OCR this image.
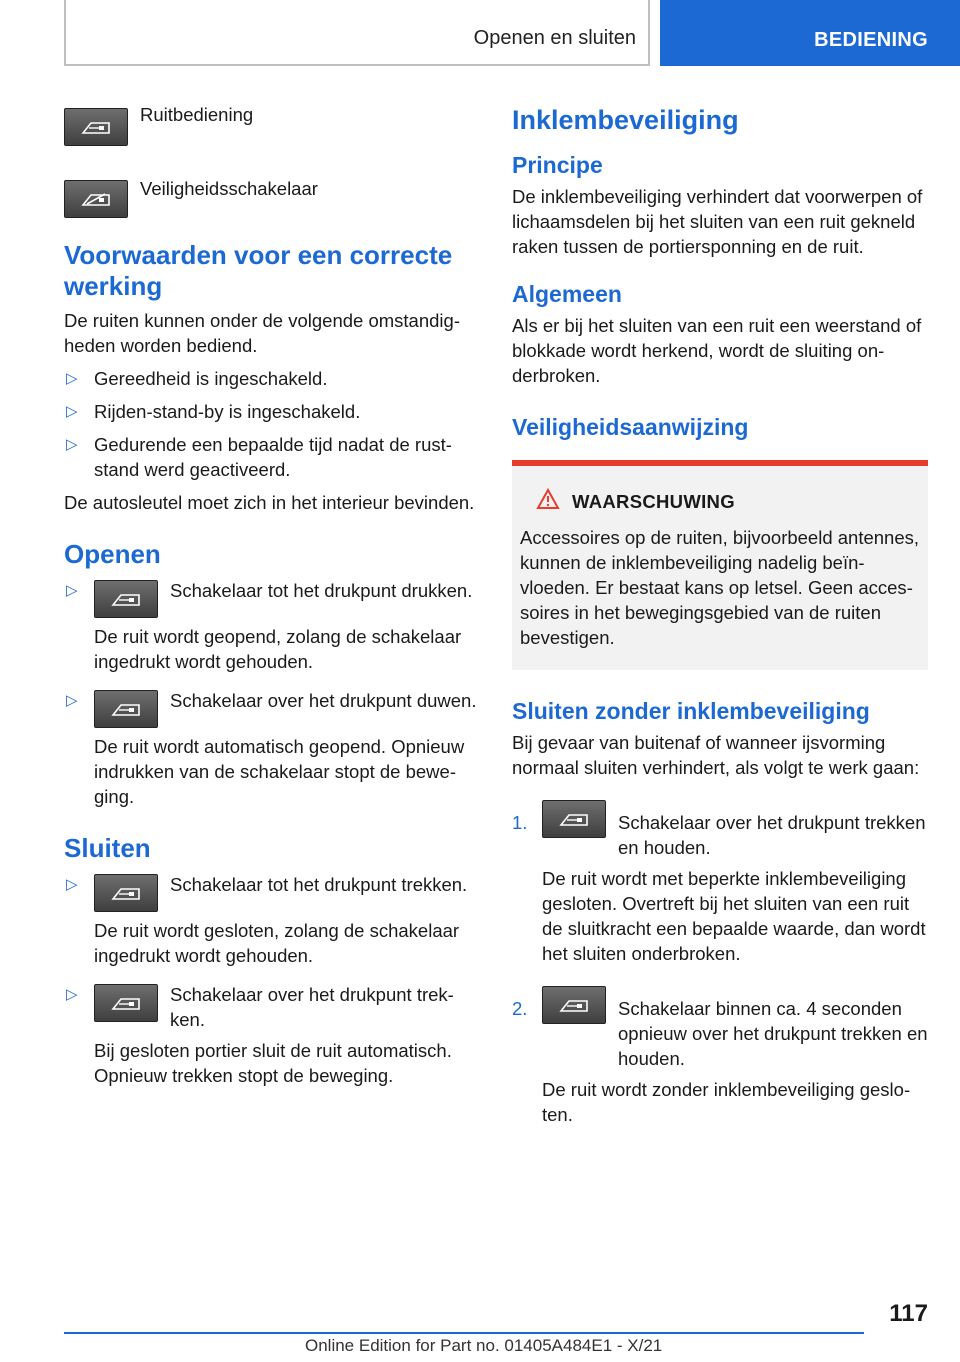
Openen en sluiten	BEDIENING
Ruitbediening
Veiligheidsschakelaar
Voorwaarden voor een correcte werking

De ruiten kunnen onder de volgende omstandigheden worden bediend.

▷ Gereedheid is ingeschakeld.
▷ Rijden-stand-by is ingeschakeld.
▷ Gedurende een bepaalde tijd nadat de ruststand werd geactiveerd.

De autosleutel moet zich in het interieur bevinden.

Openen
▷	Schakelaar tot het drukpunt drukken.

De ruit wordt geopend, zolang de schakelaar ingedrukt wordt gehouden.

▷	Schakelaar over het drukpunt duwen.

De ruit wordt automatisch geopend. Opnieuw indrukken van de schakelaar stopt de beweging.

Sluiten
▷	Schakelaar tot het drukpunt trekken.

De ruit wordt gesloten, zolang de schakelaar ingedrukt wordt gehouden.

▷	Schakelaar over het drukpunt trekken.

Bij gesloten portier sluit de ruit automatisch. Opnieuw trekken stopt de beweging.

Inklembeveiliging
Principe

De inklembeveiliging verhindert dat voorwerpen of lichaamsdelen bij het sluiten van een ruit gekneld raken tussen de portiersponning en de ruit.

Algemeen

Als er bij het sluiten van een ruit een weerstand of blokkade wordt herkend, wordt de sluiting onderbroken.

Veiligheidsaanwijzing
WAARSCHUWING

Accessoires op de ruiten, bijvoorbeeld antennes, kunnen de inklembeveiliging nadelig beïnvloeden. Er bestaat kans op letsel. Geen accessoires in het bewegingsgebied van de ruiten bevestigen.

Sluiten zonder inklembeveiliging

Bij gevaar van buitenaf of wanneer ijsvorming normaal sluiten verhindert, als volgt te werk gaan:

1.	Schakelaar over het drukpunt trekken en houden.

De ruit wordt met beperkte inklembeveiliging gesloten. Overtreft bij het sluiten van een ruit de sluitkracht een bepaalde waarde, dan wordt het sluiten onderbroken.

2.	Schakelaar binnen ca. 4 seconden opnieuw over het drukpunt trekken en houden.

De ruit wordt zonder inklembeveiliging gesloten.

117
Online Edition for Part no. 01405A484E1 - X/21
